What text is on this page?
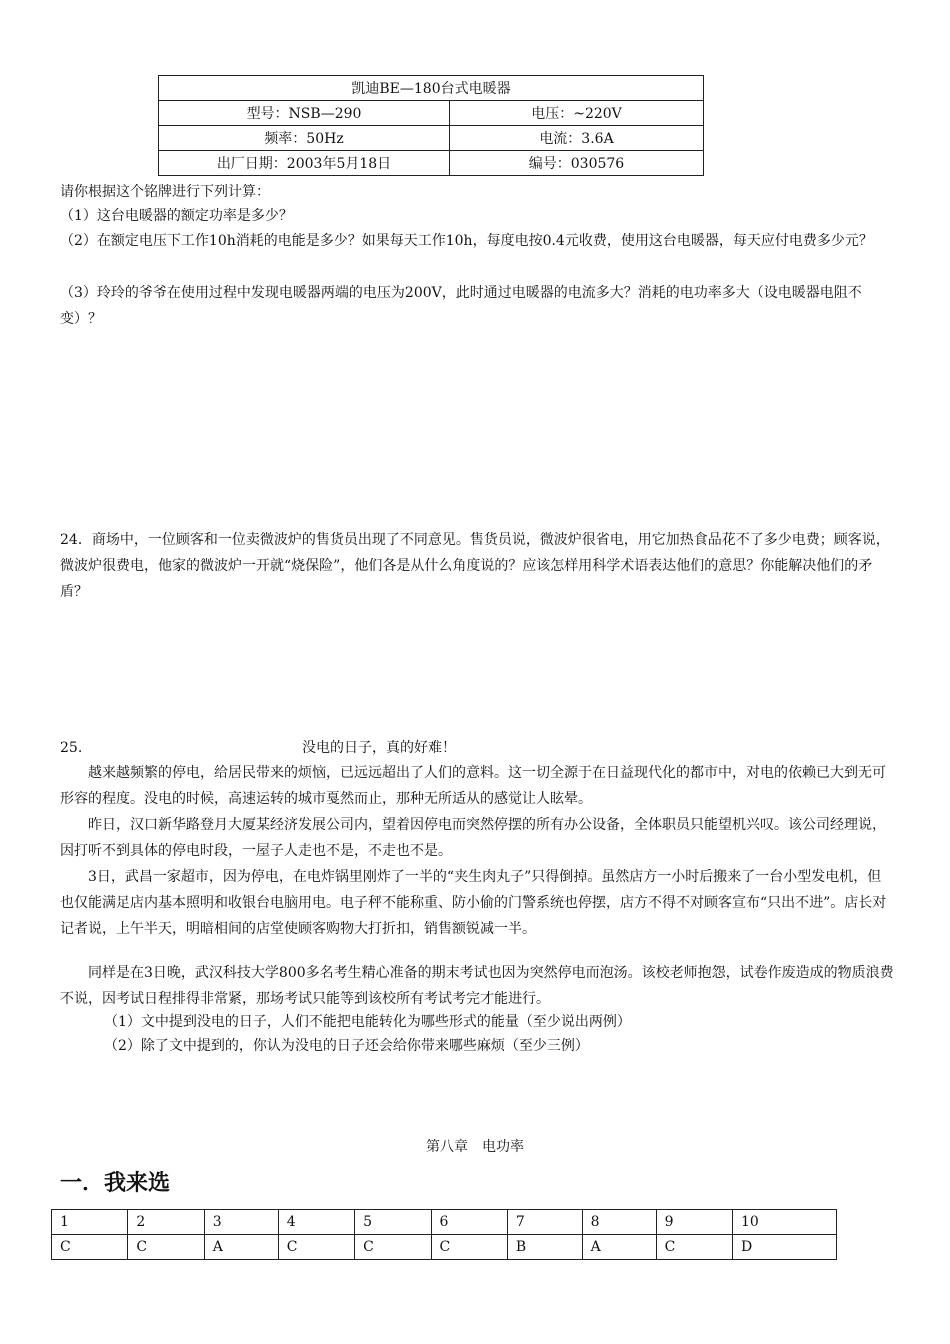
凯迪BE—180台式电暖器	
型号：NSB—290	电压：~220V
频率：50Hz	电流：3.6A
出厂日期：2003年5月18日	编号：030576
请你根据这个铭牌进行下列计算：
（1）这台电暖器的额定功率是多少？
（2）在额定电压下工作10h消耗的电能是多少？如果每天工作10h，每度电按0.4元收费，使用这台电暖器，每天应付电费多少元？
（3）玲玲的爷爷在使用过程中发现电暖器两端的电压为200V，此时通过电暖器的电流多大？消耗的电功率多大（设电暖器电阻不变）？
24．商场中，一位顾客和一位卖微波炉的售货员出现了不同意见。售货员说，微波炉很省电，用它加热食品花不了多少电费；顾客说，微波炉很费电，他家的微波炉一开就“烧保险”，他们各是从什么角度说的？应该怎样用科学术语表达他们的意思？你能解决他们的矛盾？
25.	没电的日子，真的好难！
越来越频繁的停电，给居民带来的烦恼，已远远超出了人们的意料。这一切全源于在日益现代化的都市中，对电的依赖已大到无可形容的程度。没电的时候，高速运转的城市戛然而止，那种无所适从的感觉让人眩晕。
昨日，汉口新华路登月大厦某经济发展公司内，望着因停电而突然停摆的所有办公设备，全体职员只能望机兴叹。该公司经理说，因打听不到具体的停电时段，一屋子人走也不是，不走也不是。
3日，武昌一家超市，因为停电，在电炸锅里刚炸了一半的“夹生肉丸子”只得倒掉。虽然店方一小时后搬来了一台小型发电机，但也仅能满足店内基本照明和收银台电脑用电。电子秤不能称重、防小偷的门警系统也停摆，店方不得不对顾客宣布“只出不进”。店长对记者说，上午半天，明暗相间的店堂使顾客购物大打折扣，销售额锐减一半。
同样是在3日晚，武汉科技大学800多名考生精心准备的期末考试也因为突然停电而泡汤。该校老师抱怨，试卷作废造成的物质浪费不说，因考试日程排得非常紧，那场考试只能等到该校所有考试考完才能进行。
（1）文中提到没电的日子，人们不能把电能转化为哪些形式的能量（至少说出两例）
（2）除了文中提到的，你认为没电的日子还会给你带来哪些麻烦（至少三例）
第八章　电功率
一．我来选
1	2	3	4	5	6	7	8	9	10
C	C	A	C	C	C	B	A	C	D
